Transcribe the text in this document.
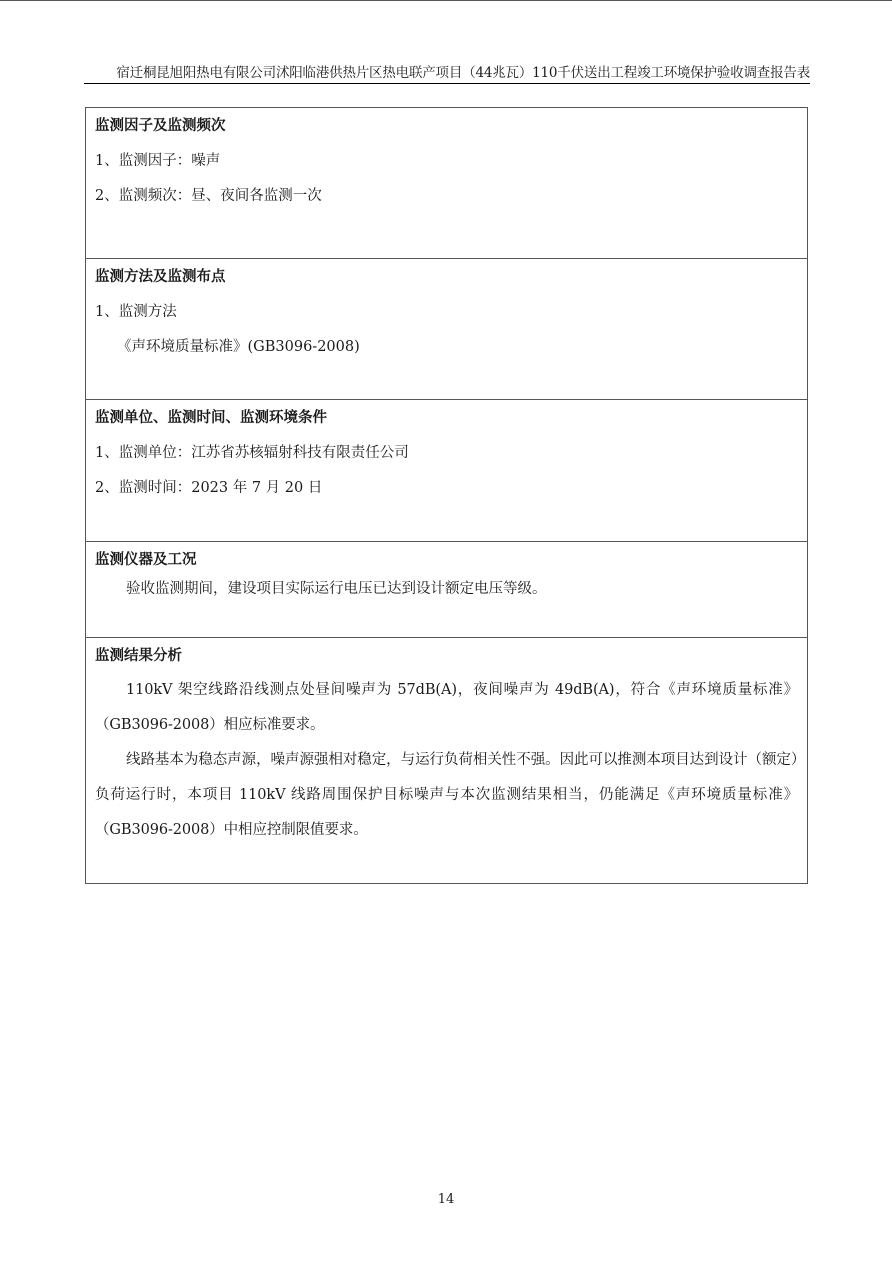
宿迁桐昆旭阳热电有限公司沭阳临港供热片区热电联产项目（44兆瓦）110千伏送出工程竣工环境保护验收调查报告表

监测因子及监测频次

1、监测因子：噪声
2、监测频次：昼、夜间各监测一次

监测方法及监测布点

1、监测方法
《声环境质量标准》(GB3096-2008)

监测单位、监测时间、监测环境条件

1、监测单位：江苏省苏核辐射科技有限责任公司
2、监测时间：2023 年 7 月 20 日

监测仪器及工况

验收监测期间，建设项目实际运行电压已达到设计额定电压等级。

监测结果分析

110kV 架空线路沿线测点处昼间噪声为 57dB(A)，夜间噪声为 49dB(A)，符合《声环境质量标准》（GB3096-2008）相应标准要求。

线路基本为稳态声源，噪声源强相对稳定，与运行负荷相关性不强。因此可以推测本项目达到设计（额定）负荷运行时，本项目 110kV 线路周围保护目标噪声与本次监测结果相当，仍能满足《声环境质量标准》（GB3096-2008）中相应控制限值要求。

14
